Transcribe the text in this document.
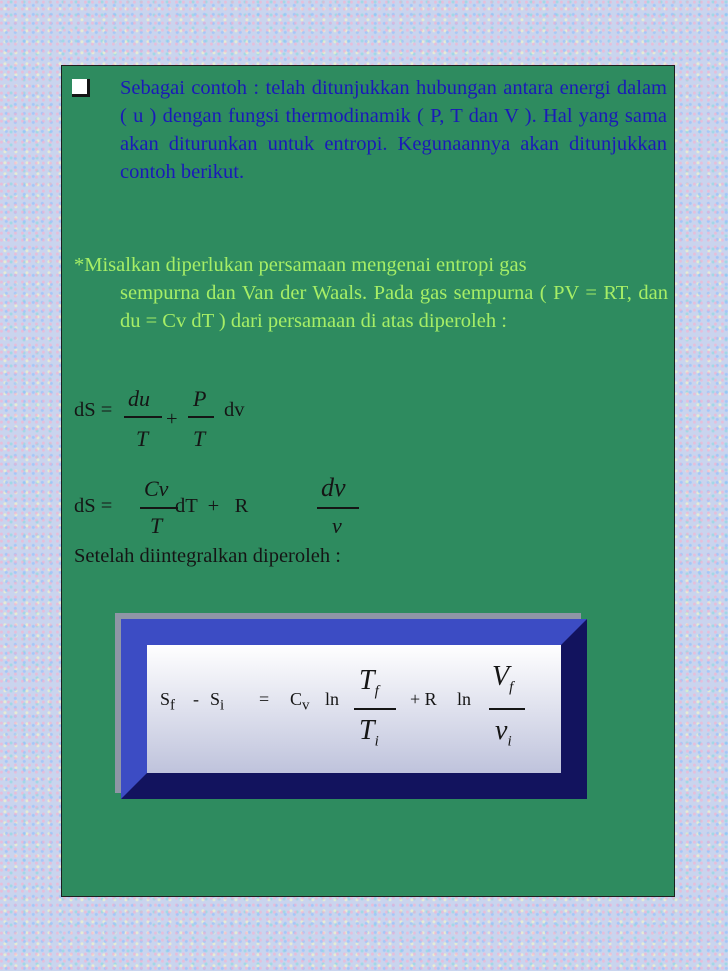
Sebagai contoh : telah ditunjukkan hubungan antara energi dalam ( u ) dengan fungsi thermodinamik ( P, T dan V ). Hal yang sama akan diturunkan untuk entropi. Kegunaannya akan ditunjukkan contoh berikut.

*Misalkan diperlukan persamaan mengenai entropi gas
sempurna dan Van der Waals. Pada gas sempurna ( PV = RT, dan du = Cv dT ) dari persamaan di atas diperoleh :

dS = du
T
+
P
T
dv
dS =
Cv
T
dT  +   R
dv
v
Setelah diintegralkan diperoleh :
$S_f - S_i = C_v$ ln
$T_f$
$T_i$
+ R ln
$V_f$
$v_i$
